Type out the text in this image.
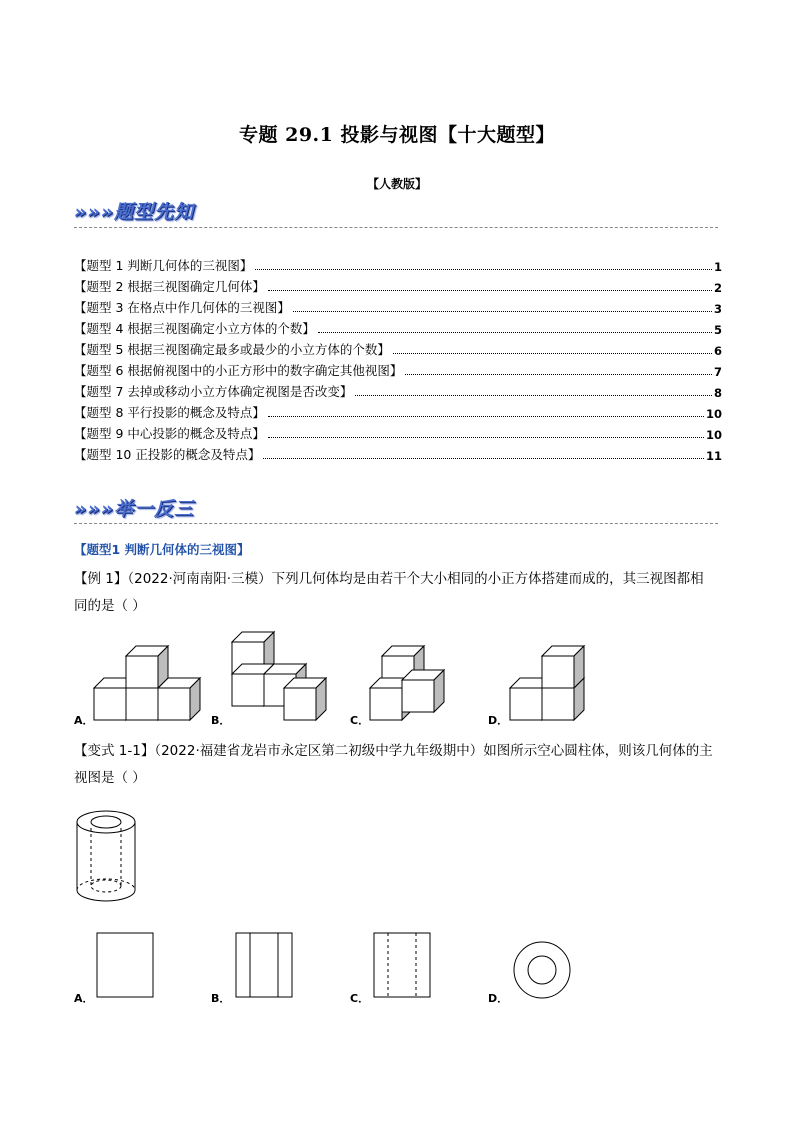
专题 29.1 投影与视图【十大题型】
【人教版】
»»»题型先知
【题型 1 判断几何体的三视图】	1
【题型 2 根据三视图确定几何体】	2
【题型 3 在格点中作几何体的三视图】	3
【题型 4 根据三视图确定小立方体的个数】	5
【题型 5 根据三视图确定最多或最少的小立方体的个数】	6
【题型 6 根据俯视图中的小正方形中的数字确定其他视图】	7
【题型 7 去掉或移动小立方体确定视图是否改变】	8
【题型 8 平行投影的概念及特点】	10
【题型 9 中心投影的概念及特点】	10
【题型 10 正投影的概念及特点】	11
»»»举一反三
【题型1 判断几何体的三视图】
【例 1】（2022·河南南阳·三模）下列几何体均是由若干个大小相同的小正方体搭建而成的，其三视图都相
同的是（ ）
A．	B．	C．	D．
【变式 1-1】（2022·福建省龙岩市永定区第二初级中学九年级期中）如图所示空心圆柱体，则该几何体的主
视图是（ ）
A．	B．	C．	D．
